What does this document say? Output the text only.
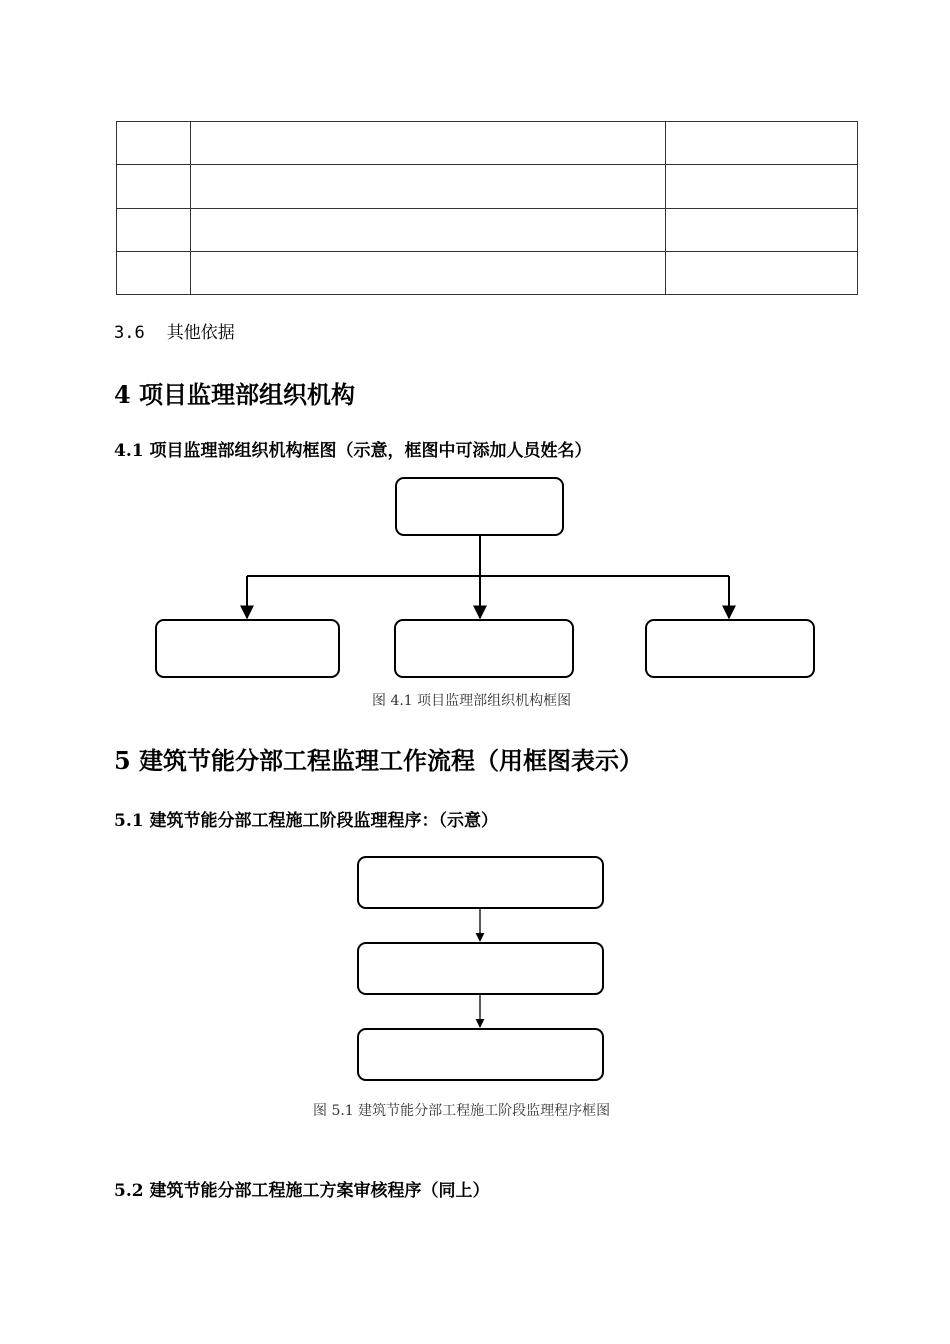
3.6 其他依据
4 项目监理部组织机构
4.1 项目监理部组织机构框图（示意，框图中可添加人员姓名）
图 4.1 项目监理部组织机构框图
5 建筑节能分部工程监理工作流程（用框图表示）
5.1 建筑节能分部工程施工阶段监理程序：（示意）
图 5.1 建筑节能分部工程施工阶段监理程序框图
5.2 建筑节能分部工程施工方案审核程序（同上）
